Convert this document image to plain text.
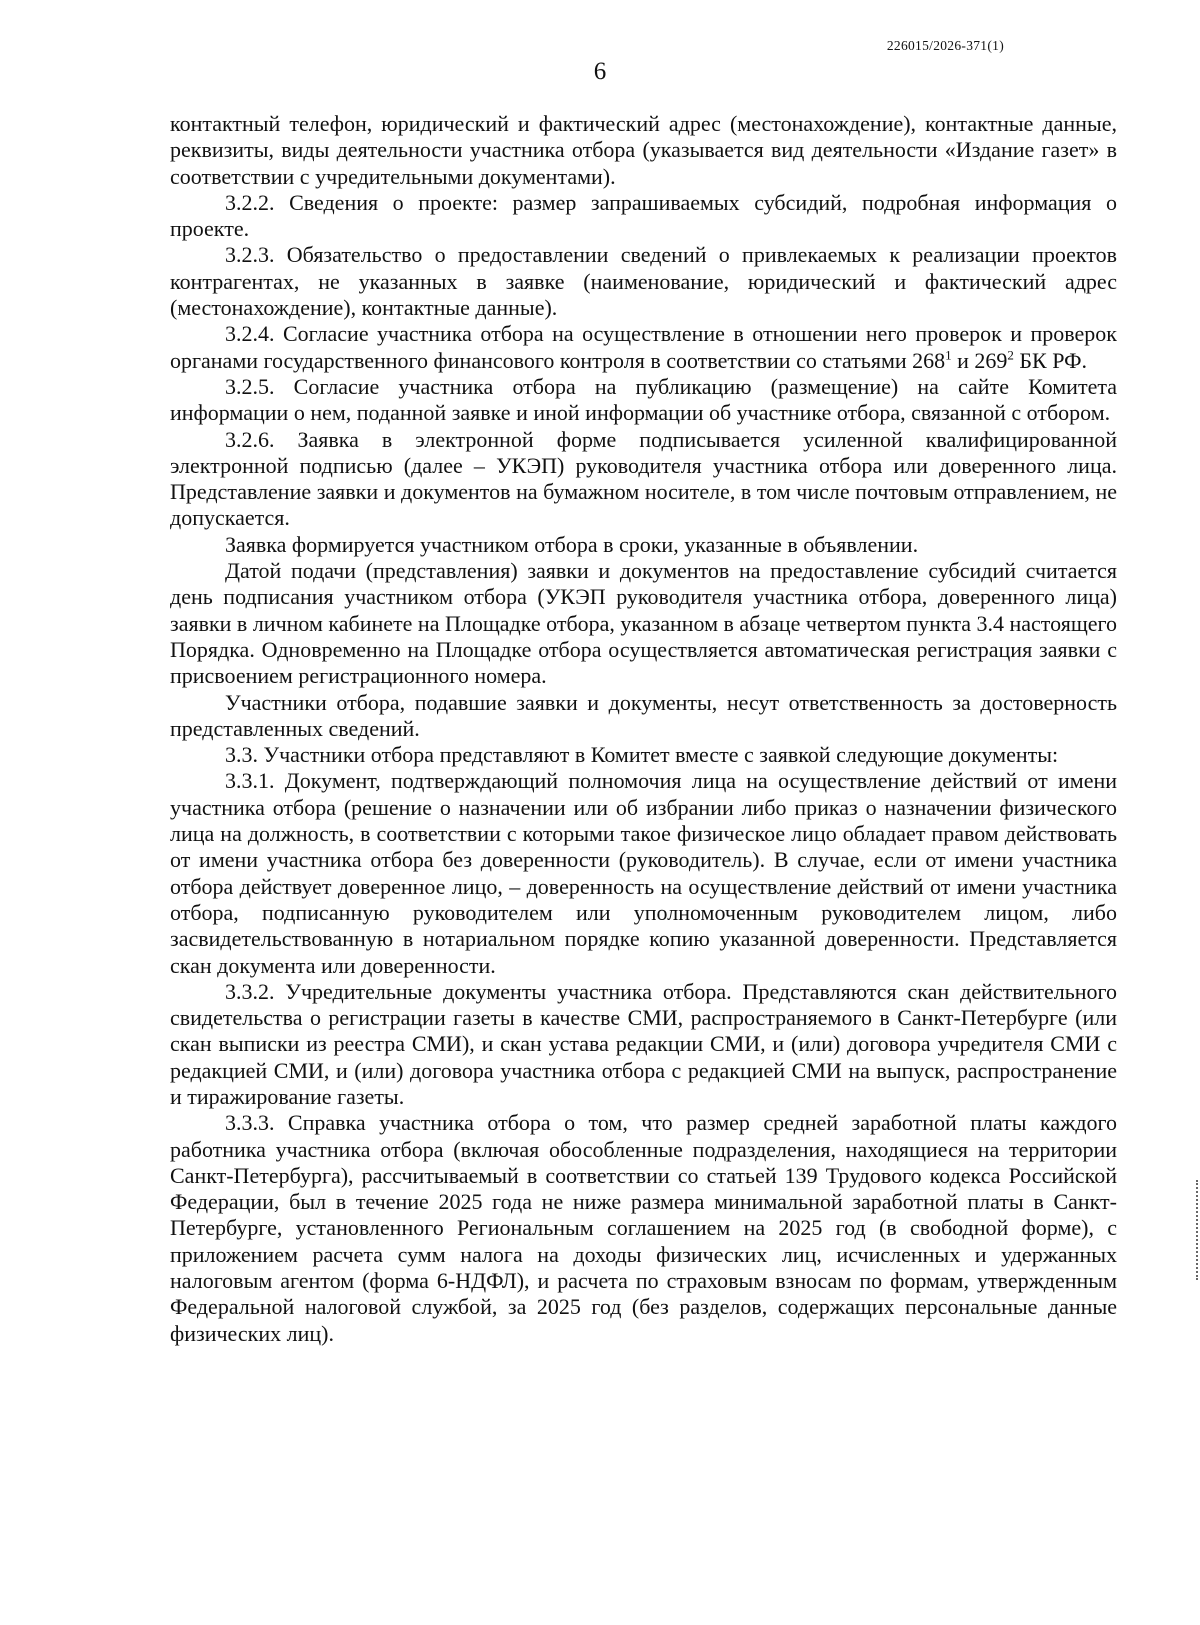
226015/2026-371(1)
6

контактный телефон, юридический и фактический адрес (местонахождение), контактные данные, реквизиты, виды деятельности участника отбора (указывается вид деятельности «Издание газет» в соответствии с учредительными документами).

3.2.2. Сведения о проекте: размер запрашиваемых субсидий, подробная информация о проекте.

3.2.3. Обязательство о предоставлении сведений о привлекаемых к реализации проектов контрагентах, не указанных в заявке (наименование, юридический и фактический адрес (местонахождение), контактные данные).

3.2.4. Согласие участника отбора на осуществление в отношении него проверок и проверок органами государственного финансового контроля в соответствии со статьями $268^1$ и $269^2$ БК РФ.

3.2.5. Согласие участника отбора на публикацию (размещение) на сайте Комитета информации о нем, поданной заявке и иной информации об участнике отбора, связанной с отбором.

3.2.6. Заявка в электронной форме подписывается усиленной квалифицированной электронной подписью (далее – УКЭП) руководителя участника отбора или доверенного лица. Представление заявки и документов на бумажном носителе, в том числе почтовым отправлением, не допускается.

Заявка формируется участником отбора в сроки, указанные в объявлении.

Датой подачи (представления) заявки и документов на предоставление субсидий считается день подписания участником отбора (УКЭП руководителя участника отбора, доверенного лица) заявки в личном кабинете на Площадке отбора, указанном в абзаце четвертом пункта 3.4 настоящего Порядка. Одновременно на Площадке отбора осуществляется автоматическая регистрация заявки с присвоением регистрационного номера.

Участники отбора, подавшие заявки и документы, несут ответственность за достоверность представленных сведений.

3.3. Участники отбора представляют в Комитет вместе с заявкой следующие документы:

3.3.1. Документ, подтверждающий полномочия лица на осуществление действий от имени участника отбора (решение о назначении или об избрании либо приказ о назначении физического лица на должность, в соответствии с которыми такое физическое лицо обладает правом действовать от имени участника отбора без доверенности (руководитель). В случае, если от имени участника отбора действует доверенное лицо, – доверенность на осуществление действий от имени участника отбора, подписанную руководителем или уполномоченным руководителем лицом, либо засвидетельствованную в нотариальном порядке копию указанной доверенности. Представляется скан документа или доверенности.

3.3.2. Учредительные документы участника отбора. Представляются скан действительного свидетельства о регистрации газеты в качестве СМИ, распространяемого в Санкт-Петербурге (или скан выписки из реестра СМИ), и скан устава редакции СМИ, и (или) договора учредителя СМИ с редакцией СМИ, и (или) договора участника отбора с редакцией СМИ на выпуск, распространение и тиражирование газеты.

3.3.3. Справка участника отбора о том, что размер средней заработной платы каждого работника участника отбора (включая обособленные подразделения, находящиеся на территории Санкт-Петербурга), рассчитываемый в соответствии со статьей 139 Трудового кодекса Российской Федерации, был в течение 2025 года не ниже размера минимальной заработной платы в Санкт-Петербурге, установленного Региональным соглашением на 2025 год (в свободной форме), с приложением расчета сумм налога на доходы физических лиц, исчисленных и удержанных налоговым агентом (форма 6-НДФЛ), и расчета по страховым взносам по формам, утвержденным Федеральной налоговой службой, за 2025 год (без разделов, содержащих персональные данные физических лиц).
